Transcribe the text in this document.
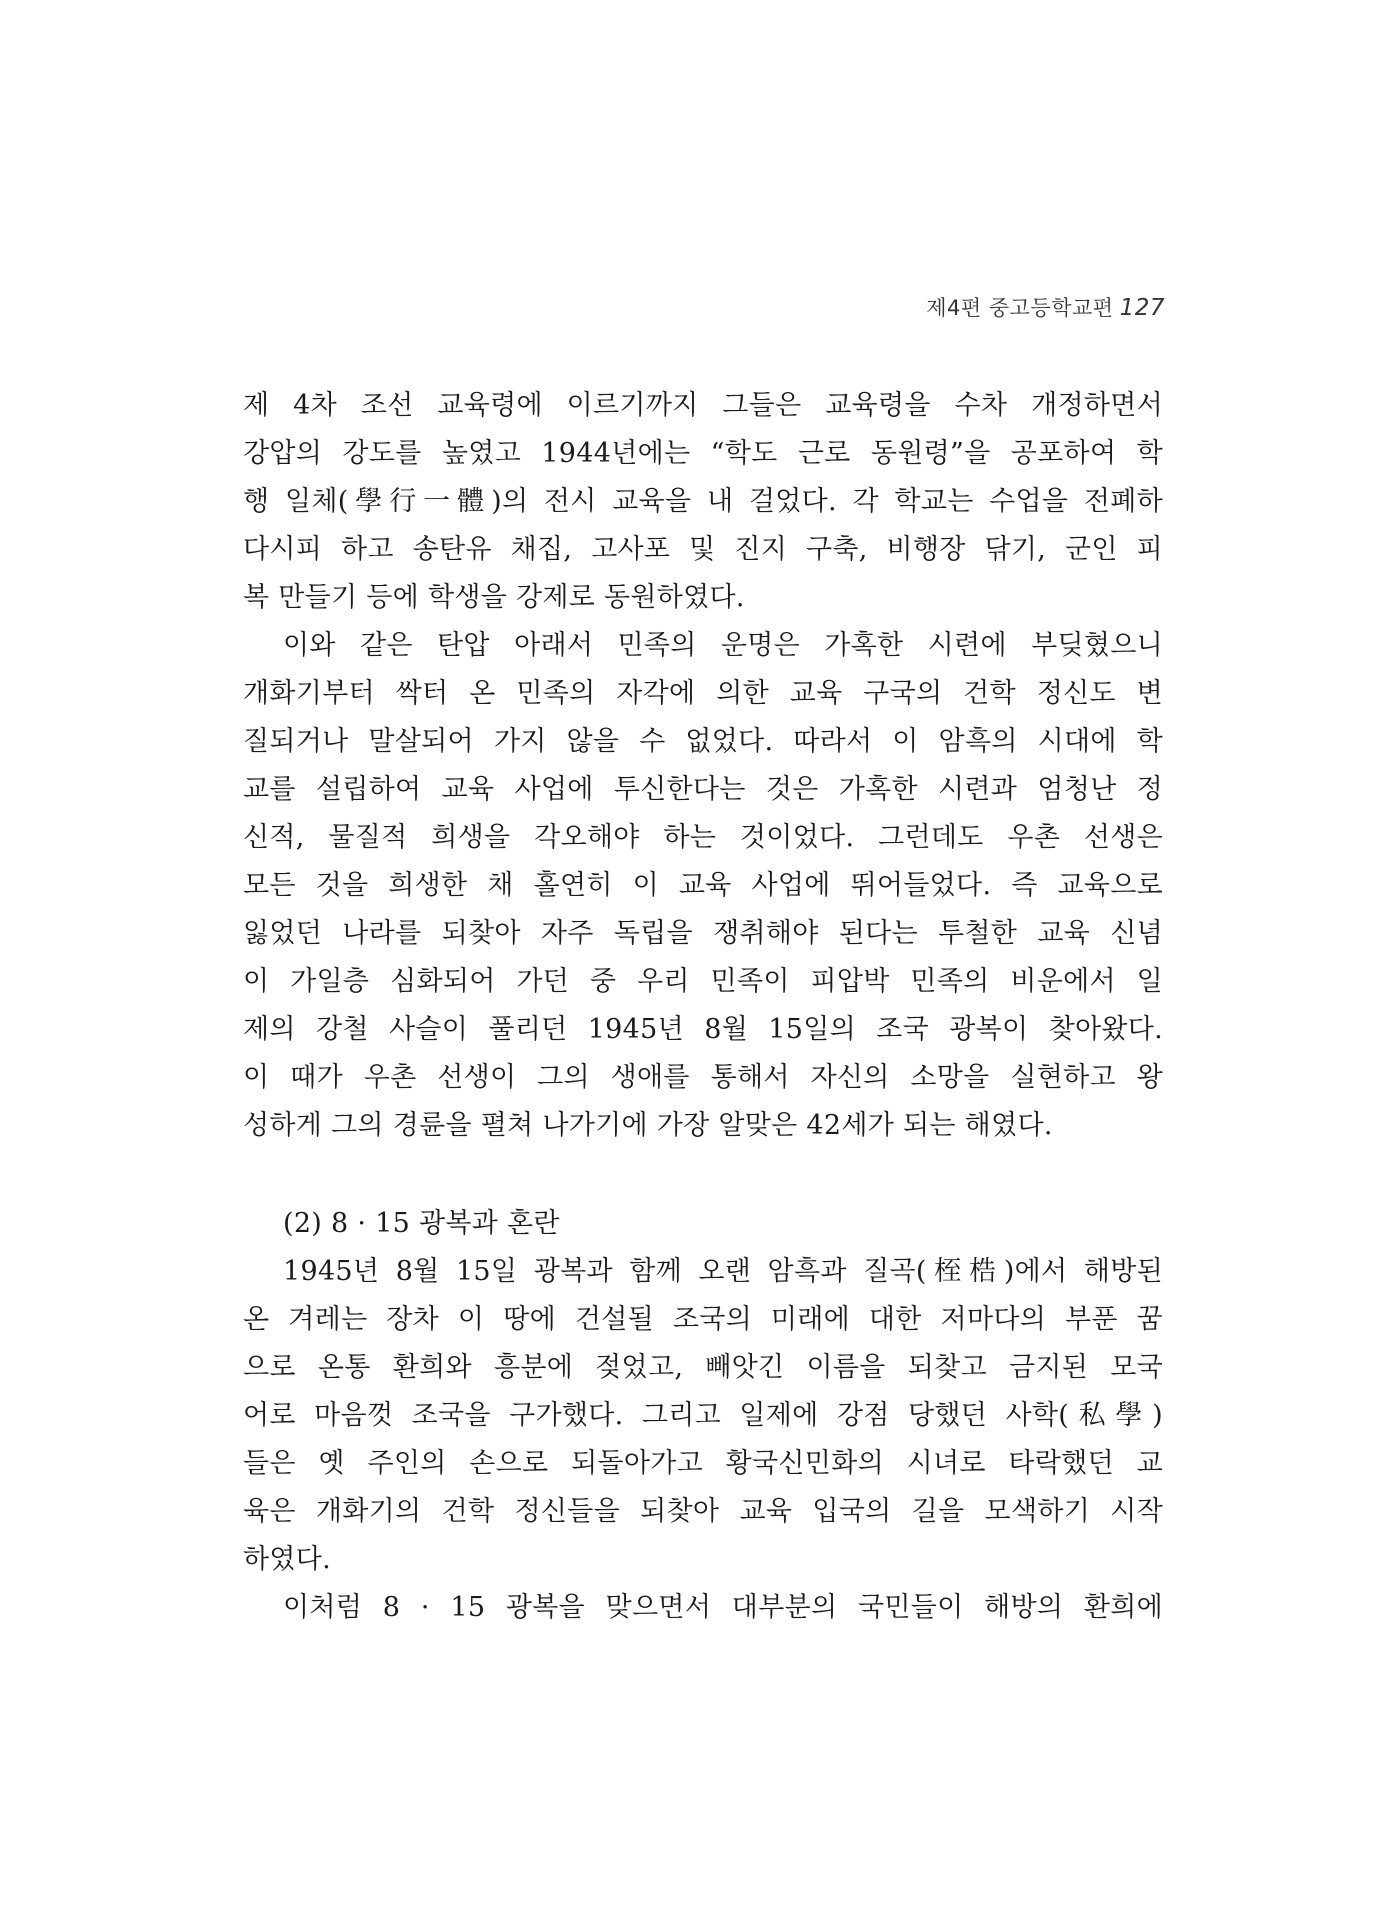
제4편 중고등학교편 127
제 4차 조선 교육령에 이르기까지 그들은 교육령을 수차 개정하면서
강압의 강도를 높였고 1944년에는 “학도 근로 동원령”을 공포하여 학
행 일체(學行一體)의 전시 교육을 내 걸었다. 각 학교는 수업을 전폐하
다시피 하고 송탄유 채집, 고사포 및 진지 구축, 비행장 닦기, 군인 피
복 만들기 등에 학생을 강제로 동원하였다.
이와 같은 탄압 아래서 민족의 운명은 가혹한 시련에 부딪혔으니
개화기부터 싹터 온 민족의 자각에 의한 교육 구국의 건학 정신도 변
질되거나 말살되어 가지 않을 수 없었다. 따라서 이 암흑의 시대에 학
교를 설립하여 교육 사업에 투신한다는 것은 가혹한 시련과 엄청난 정
신적, 물질적 희생을 각오해야 하는 것이었다. 그런데도 우촌 선생은
모든 것을 희생한 채 홀연히 이 교육 사업에 뛰어들었다. 즉 교육으로
잃었던 나라를 되찾아 자주 독립을 쟁취해야 된다는 투철한 교육 신념
이 가일층 심화되어 가던 중 우리 민족이 피압박 민족의 비운에서 일
제의 강철 사슬이 풀리던 1945년 8월 15일의 조국 광복이 찾아왔다.
이 때가 우촌 선생이 그의 생애를 통해서 자신의 소망을 실현하고 왕
성하게 그의 경륜을 펼쳐 나가기에 가장 알맞은 42세가 되는 해였다.
(2) 8 · 15 광복과 혼란
1945년 8월 15일 광복과 함께 오랜 암흑과 질곡(桎梏)에서 해방된
온 겨레는 장차 이 땅에 건설될 조국의 미래에 대한 저마다의 부푼 꿈
으로 온통 환희와 흥분에 젖었고, 빼앗긴 이름을 되찾고 금지된 모국
어로 마음껏 조국을 구가했다. 그리고 일제에 강점 당했던 사학(私學)
들은 옛 주인의 손으로 되돌아가고 황국신민화의 시녀로 타락했던 교
육은 개화기의 건학 정신들을 되찾아 교육 입국의 길을 모색하기 시작
하였다.
이처럼 8 · 15 광복을 맞으면서 대부분의 국민들이 해방의 환희에
